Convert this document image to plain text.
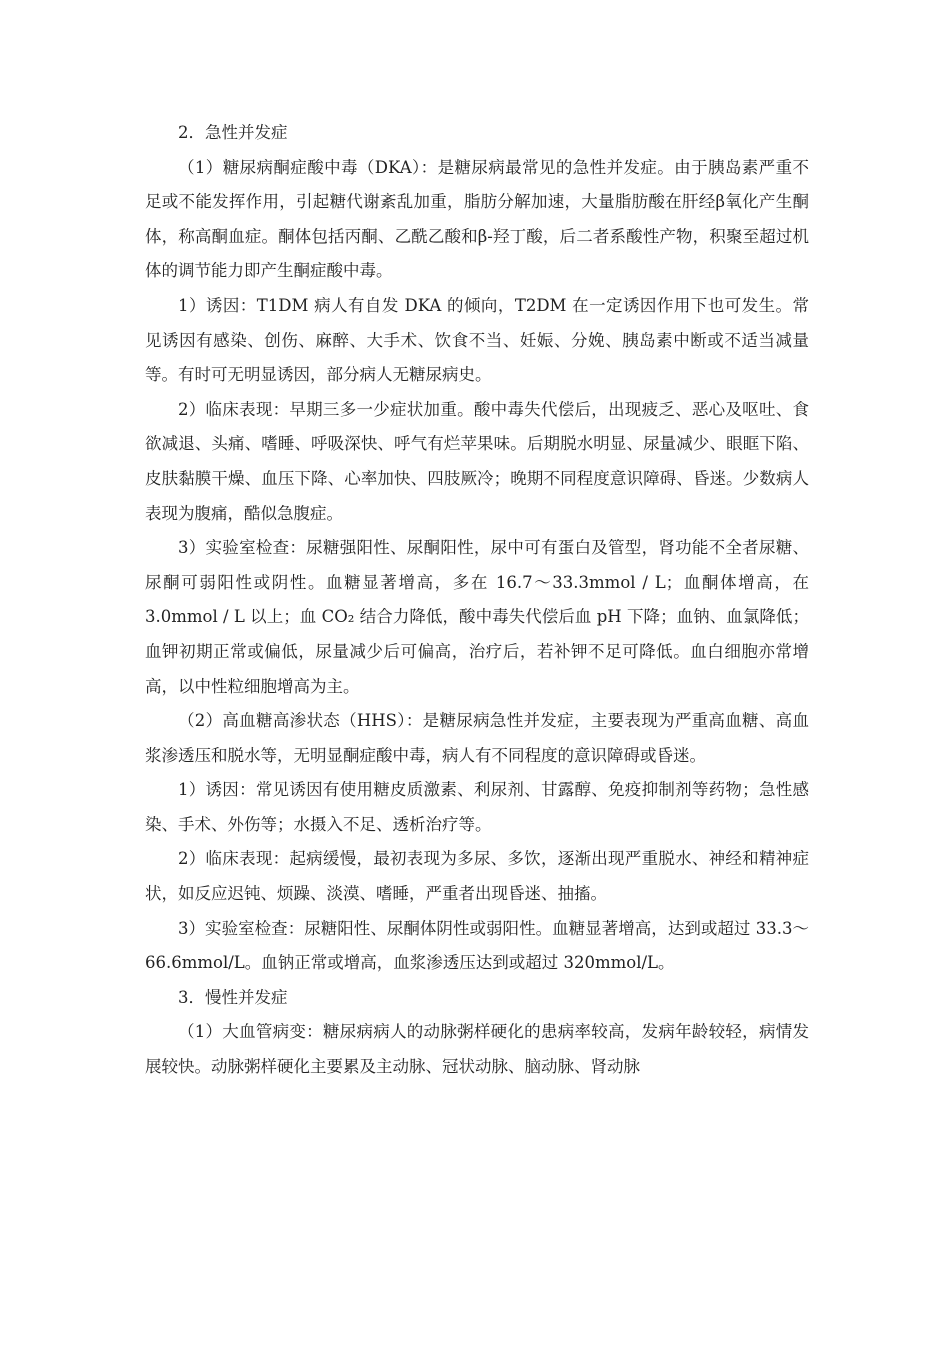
2．急性并发症

（1）糖尿病酮症酸中毒（DKA）：是糖尿病最常见的急性并发症。由于胰岛素严重不足或不能发挥作用，引起糖代谢紊乱加重，脂肪分解加速，大量脂肪酸在肝经β氧化产生酮体，称高酮血症。酮体包括丙酮、乙酰乙酸和β-羟丁酸，后二者系酸性产物，积聚至超过机体的调节能力即产生酮症酸中毒。

1）诱因：T1DM 病人有自发 DKA 的倾向，T2DM 在一定诱因作用下也可发生。常见诱因有感染、创伤、麻醉、大手术、饮食不当、妊娠、分娩、胰岛素中断或不适当减量等。有时可无明显诱因，部分病人无糖尿病史。

2）临床表现：早期三多一少症状加重。酸中毒失代偿后，出现疲乏、恶心及呕吐、食欲减退、头痛、嗜睡、呼吸深快、呼气有烂苹果味。后期脱水明显、尿量减少、眼眶下陷、皮肤黏膜干燥、血压下降、心率加快、四肢厥冷；晚期不同程度意识障碍、昏迷。少数病人表现为腹痛，酷似急腹症。

3）实验室检查：尿糖强阳性、尿酮阳性，尿中可有蛋白及管型，肾功能不全者尿糖、尿酮可弱阳性或阴性。血糖显著增高，多在 16.7～33.3mmol / L；血酮体增高，在 3.0mmol / L 以上；血 CO₂ 结合力降低，酸中毒失代偿后血 pH 下降；血钠、血氯降低；血钾初期正常或偏低，尿量减少后可偏高，治疗后，若补钾不足可降低。血白细胞亦常增高，以中性粒细胞增高为主。

（2）高血糖高渗状态（HHS）：是糖尿病急性并发症，主要表现为严重高血糖、高血浆渗透压和脱水等，无明显酮症酸中毒，病人有不同程度的意识障碍或昏迷。

1）诱因：常见诱因有使用糖皮质激素、利尿剂、甘露醇、免疫抑制剂等药物；急性感染、手术、外伤等；水摄入不足、透析治疗等。

2）临床表现：起病缓慢，最初表现为多尿、多饮，逐渐出现严重脱水、神经和精神症状，如反应迟钝、烦躁、淡漠、嗜睡，严重者出现昏迷、抽搐。

3）实验室检查：尿糖阳性、尿酮体阴性或弱阳性。血糖显著增高，达到或超过 33.3～66.6mmol/L。血钠正常或增高，血浆渗透压达到或超过 320mmol/L。

3．慢性并发症

（1）大血管病变：糖尿病病人的动脉粥样硬化的患病率较高，发病年龄较轻，病情发展较快。动脉粥样硬化主要累及主动脉、冠状动脉、脑动脉、肾动脉
